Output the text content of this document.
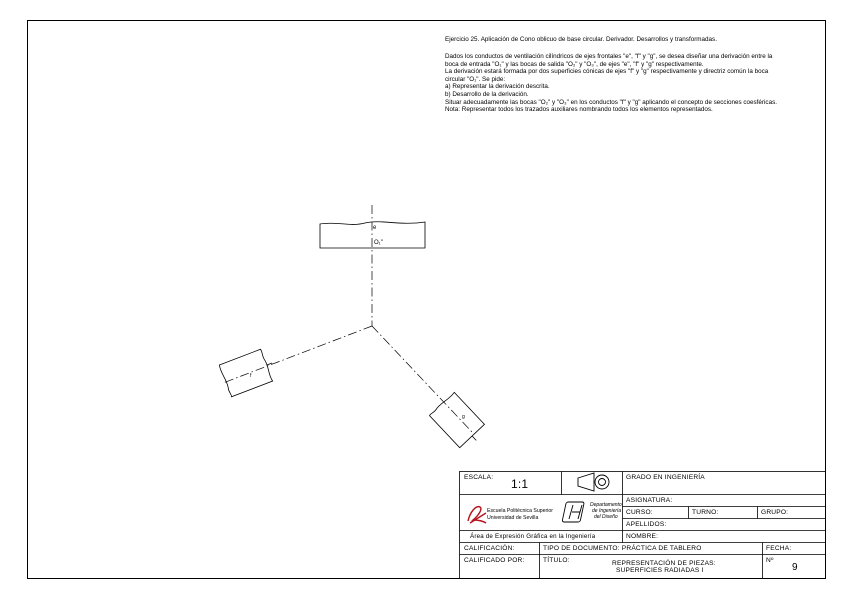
e
O₁"
f
g
Ejercicio 25. Aplicación de Cono oblicuo de base circular. Derivador. Desarrollos y transformadas.
Dados los conductos de ventilación cilíndricos de ejes frontales "e", "f" y "g", se desea diseñar una derivación entre la
boca de entrada "O₁" y las bocas de salida "O₂" y "O₃", de ejes "e", "f" y "g" respectivamente.
La derivación estará formada por dos superficies cónicas de ejes "f" y "g" respectivamente y directriz común la boca
circular "O₁". Se pide:
a) Representar la derivación descrita.
b) Desarrollo de la derivación.
Situar adecuadamente las bocas "O₂" y "O₃" en los conductos "f" y "g" aplicando el concepto de secciones coesféricas.
Nota: Representar todos los trazados auxiliares nombrando todos los elementos representados.
ESCALA: 1:1	GRADO EN INGENIERÍA
ASIGNATURA:
CURSO:	TURNO:	GRUPO:
APELLIDOS:
NOMBRE:
Escuela Politécnica Superior
Universidad de Sevilla
Departamento
de Ingeniería
del Diseño
Área de Expresión Gráfica en la Ingeniería
CALIFICACIÓN:	TIPO DE DOCUMENTO: PRÁCTICA DE TABLERO	FECHA:
CALIFICADO POR:	TÍTULO:	REPRESENTACIÓN DE PIEZAS:
SUPERFICIES RADIADAS I
Nº
9
